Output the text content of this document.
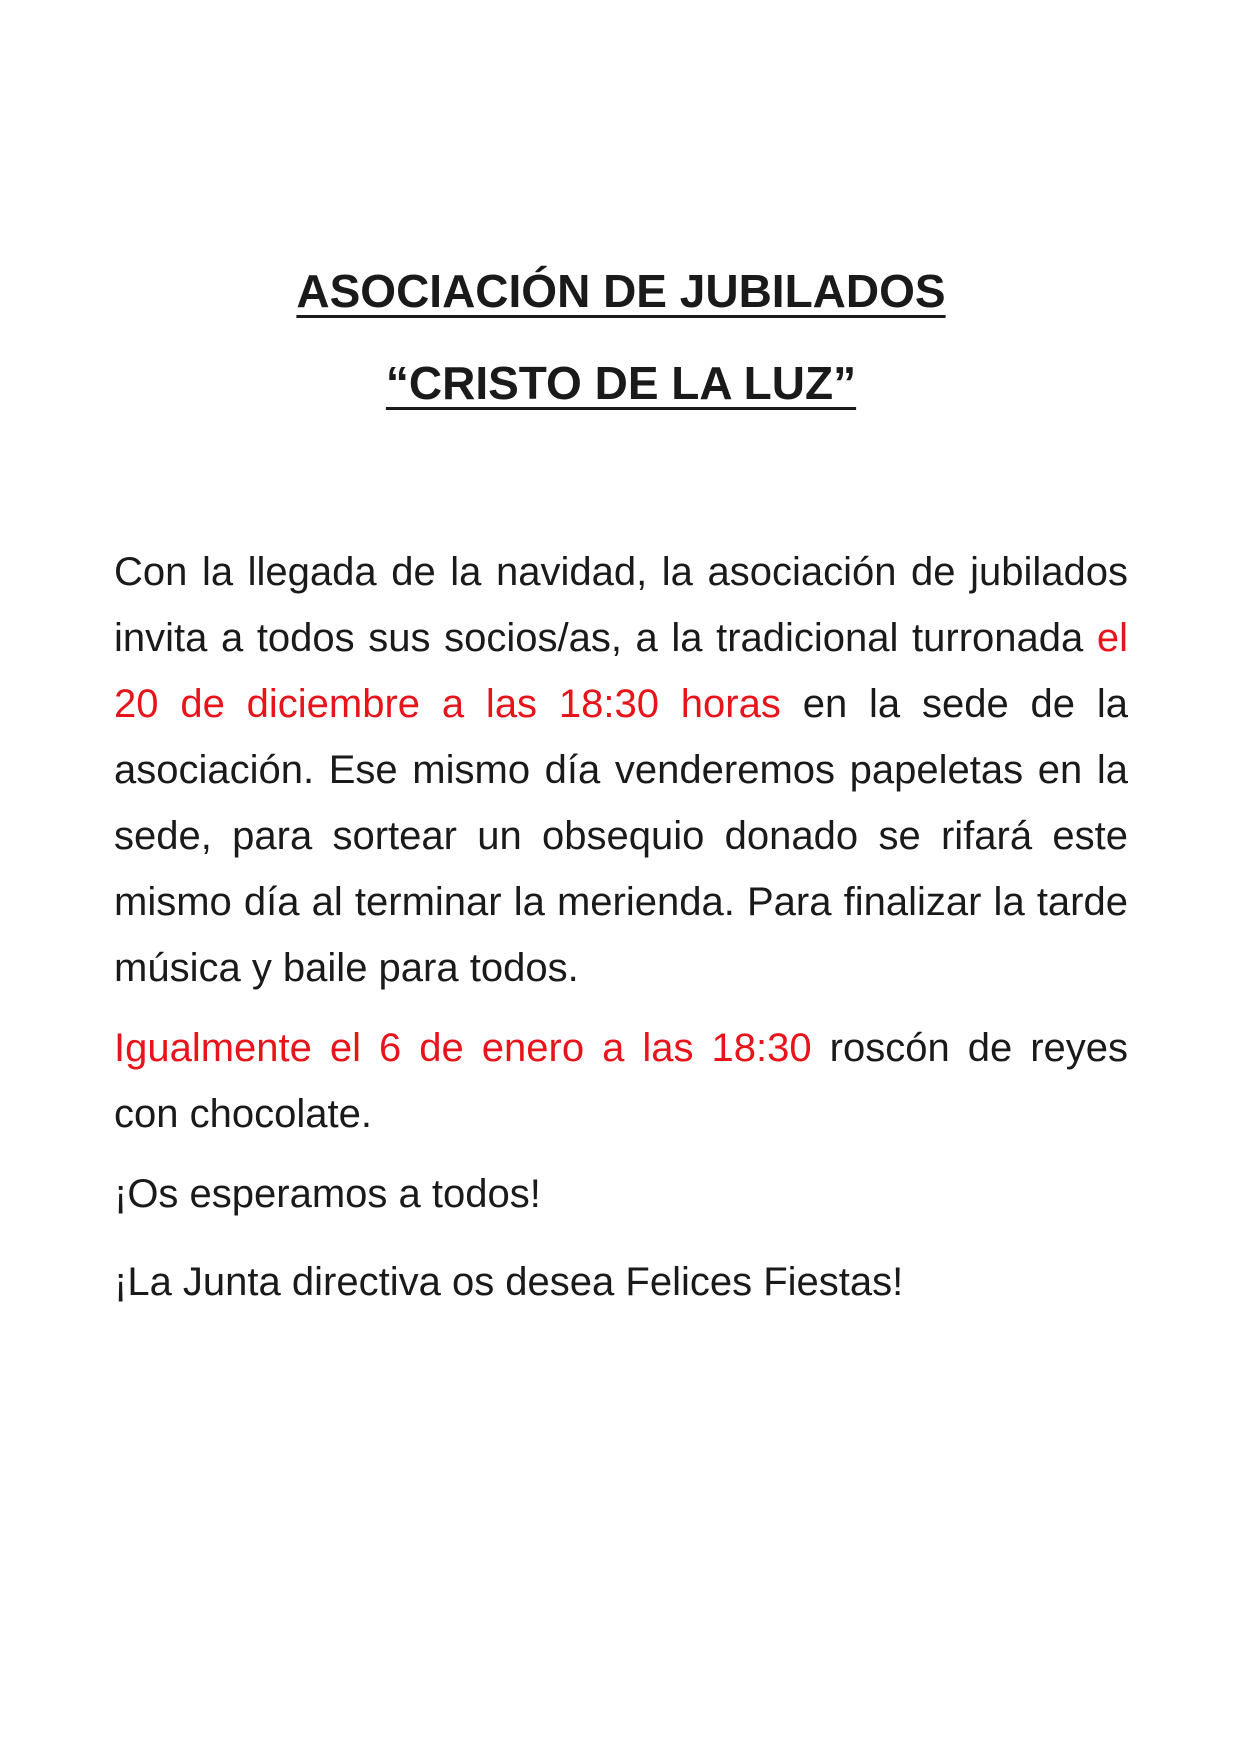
ASOCIACIÓN DE JUBILADOS
“CRISTO DE LA LUZ”

Con la llegada de la navidad, la asociación de jubilados invita a todos sus socios/as, a la tradicional turronada el 20 de diciembre a las 18:30 horas en la sede de la asociación. Ese mismo día venderemos papeletas en la sede, para sortear un obsequio donado se rifará este mismo día al terminar la merienda. Para finalizar la tarde música y baile para todos.

Igualmente el 6 de enero a las 18:30 roscón de reyes con chocolate.

¡Os esperamos a todos!

¡La Junta directiva os desea Felices Fiestas!
